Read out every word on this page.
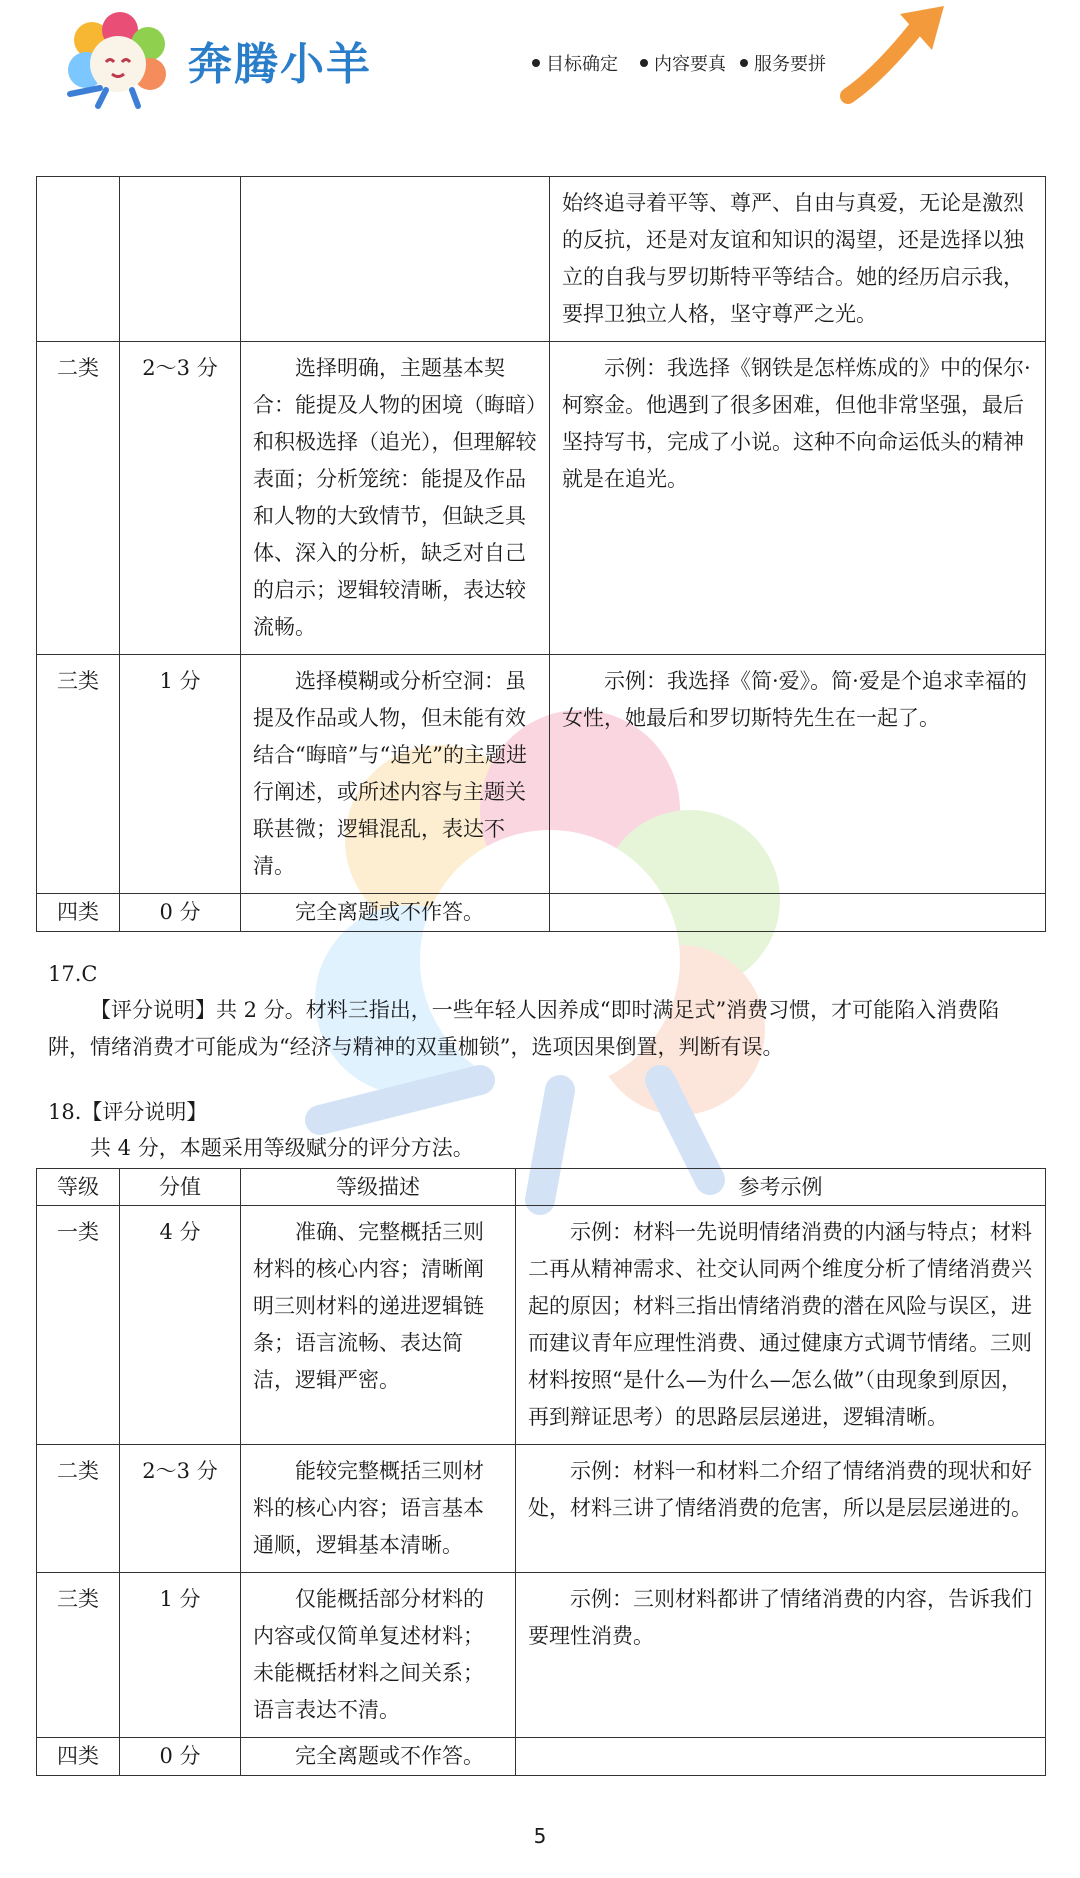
奔腾小羊	目标确定	内容要真	服务要拼
			始终追寻着平等、尊严、自由与真爱，无论是激烈的反抗，还是对友谊和知识的渴望，还是选择以独立的自我与罗切斯特平等结合。她的经历启示我，要捍卫独立人格，坚守尊严之光。
二类	2～3 分	选择明确，主题基本契合：能提及人物的困境（晦暗）和积极选择（追光），但理解较表面；分析笼统：能提及作品和人物的大致情节，但缺乏具体、深入的分析，缺乏对自己的启示；逻辑较清晰，表达较流畅。	示例：我选择《钢铁是怎样炼成的》中的保尔·柯察金。他遇到了很多困难，但他非常坚强，最后坚持写书，完成了小说。这种不向命运低头的精神就是在追光。
三类	1 分	选择模糊或分析空洞：虽提及作品或人物，但未能有效结合“晦暗”与“追光”的主题进行阐述，或所述内容与主题关联甚微；逻辑混乱，表达不清。	示例：我选择《简·爱》。简·爱是个追求幸福的女性，她最后和罗切斯特先生在一起了。
四类	0 分	完全离题或不作答。	
17.C
【评分说明】共 2 分。材料三指出，一些年轻人因养成“即时满足式”消费习惯，才可能陷入消费陷阱，情绪消费才可能成为“经济与精神的双重枷锁”，选项因果倒置，判断有误。
18.【评分说明】
共 4 分，本题采用等级赋分的评分方法。
等级	分值	等级描述	参考示例
一类	4 分	准确、完整概括三则材料的核心内容；清晰阐明三则材料的递进逻辑链条；语言流畅、表达简洁，逻辑严密。	示例：材料一先说明情绪消费的内涵与特点；材料二再从精神需求、社交认同两个维度分析了情绪消费兴起的原因；材料三指出情绪消费的潜在风险与误区，进而建议青年应理性消费、通过健康方式调节情绪。三则材料按照“是什么—为什么—怎么做”（由现象到原因，再到辩证思考）的思路层层递进，逻辑清晰。
二类	2～3 分	能较完整概括三则材料的核心内容；语言基本通顺，逻辑基本清晰。	示例：材料一和材料二介绍了情绪消费的现状和好处，材料三讲了情绪消费的危害，所以是层层递进的。
三类	1 分	仅能概括部分材料的内容或仅简单复述材料；未能概括材料之间关系；语言表达不清。	示例：三则材料都讲了情绪消费的内容，告诉我们要理性消费。
四类	0 分	完全离题或不作答。	
5
